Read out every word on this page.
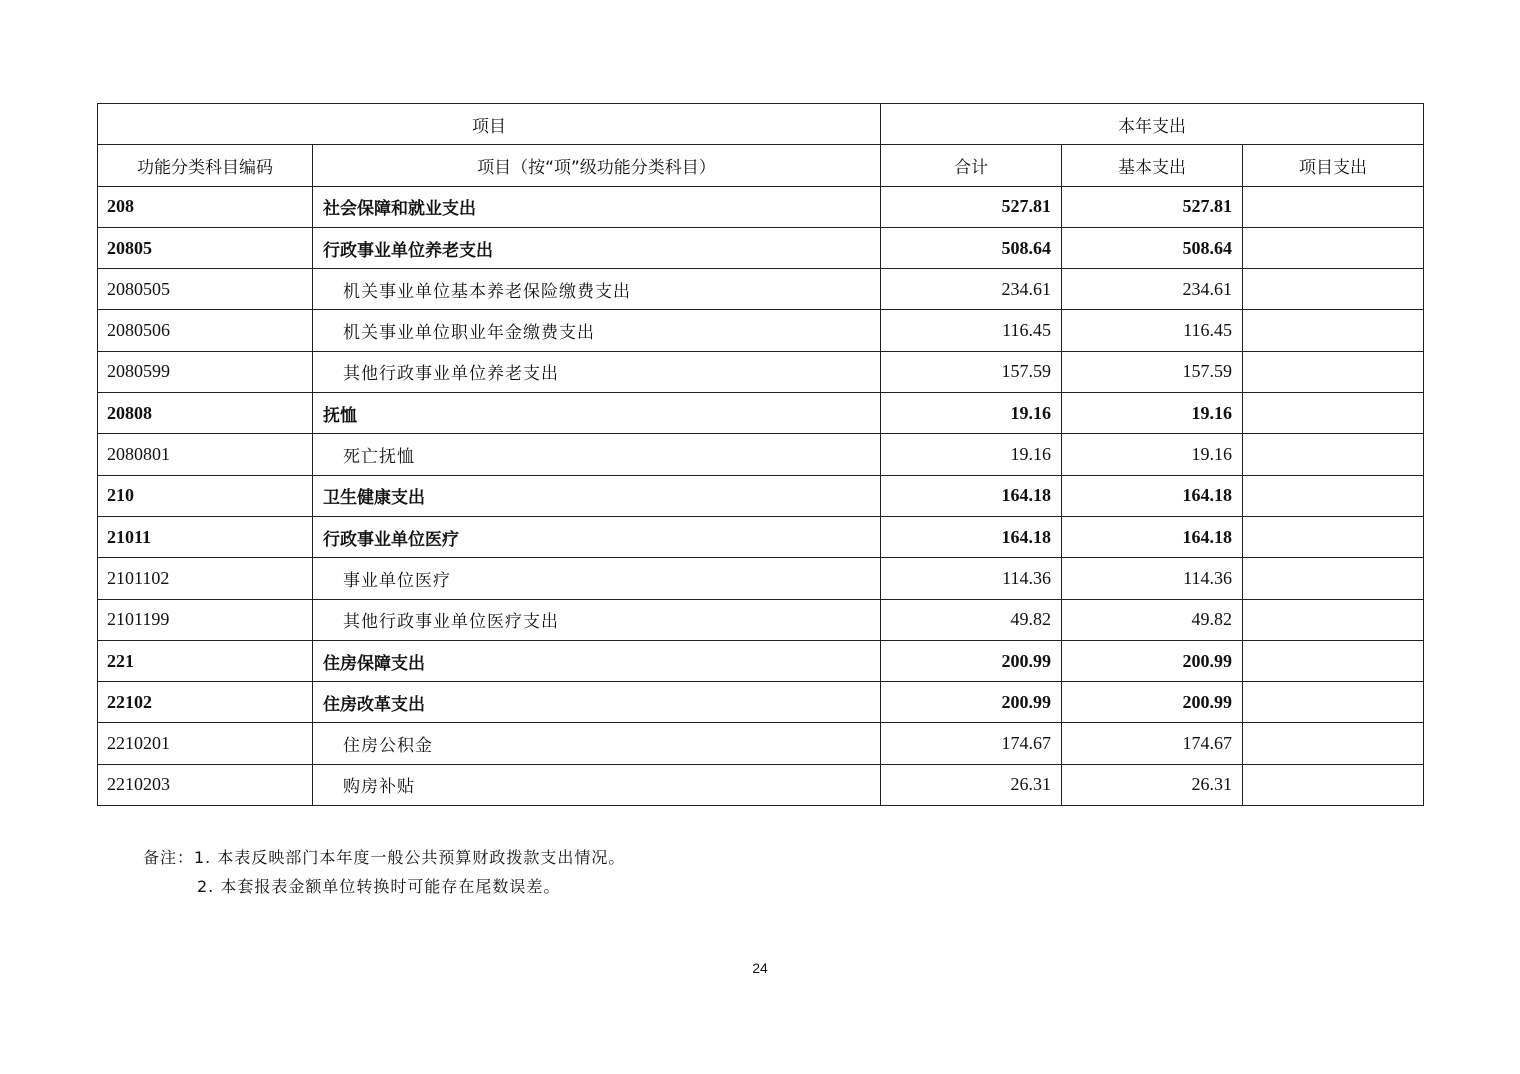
项目		本年支出		
功能分类科目编码	项目（按“项”级功能分类科目）	合计	基本支出	项目支出
208	社会保障和就业支出	527.81	527.81	
20805	行政事业单位养老支出	508.64	508.64	
2080505	机关事业单位基本养老保险缴费支出	234.61	234.61	
2080506	机关事业单位职业年金缴费支出	116.45	116.45	
2080599	其他行政事业单位养老支出	157.59	157.59	
20808	抚恤	19.16	19.16	
2080801	死亡抚恤	19.16	19.16	
210	卫生健康支出	164.18	164.18	
21011	行政事业单位医疗	164.18	164.18	
2101102	事业单位医疗	114.36	114.36	
2101199	其他行政事业单位医疗支出	49.82	49.82	
221	住房保障支出	200.99	200.99	
22102	住房改革支出	200.99	200.99	
2210201	住房公积金	174.67	174.67	
2210203	购房补贴	26.31	26.31	
备注：1. 本表反映部门本年度一般公共预算财政拨款支出情况。
2. 本套报表金额单位转换时可能存在尾数误差。
24
